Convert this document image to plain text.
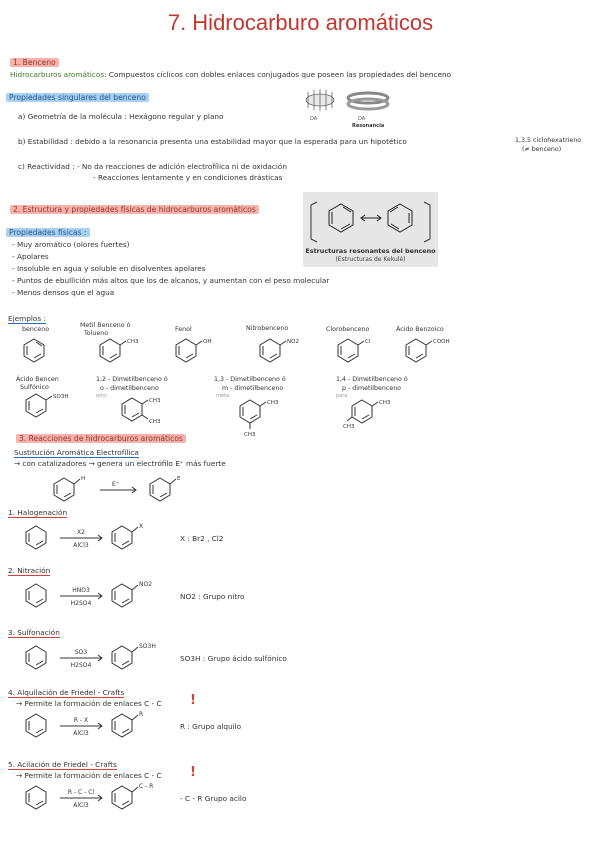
7. Hidrocarburo aromáticos
1. Benceno
Hidrocarburos aromáticos: Compuestos cíclicos con dobles enlaces conjugados que poseen las propiedades del benceno
Propiedades singulares del benceno
a) Geometría de la molécula : Hexágono regular y plano
b) Estabilidad : debido a la resonancia presenta una estabilidad mayor que la esperada para un hipotético	1,3,5 ciclohexatrieno
(≠ benceno)
c) Reactividad : - No da reacciones de adición electrofílica ni de oxidación
- Reacciones lentamente y en condiciones drásticas
DA	DA
Resonancia
2. Estructura y propiedades físicas de hidrocarburos aromáticos
Estructuras resonantes del benceno
(Estructuras de Kekulé)
Propiedades físicas :
- Muy aromático (olores fuertes)
- Apolares
- Insoluble en agua y soluble en disolventes apolares
- Puntos de ebullición más altos que los de alcanos, y aumentan con el peso molecular
- Menos densos que el agua
Ejemplos :
benceno
Metil Benceno ó
Tolueno
CH3
Fenol
OH
Nitrobenceno
NO2
Clorobenceno
Cl
Ácido Benzoico
COOH
Ácido Bencen
Sulfónico
SO3H
1,2 - Dimetilbenceno ó
o - dimetilbenceno
orto
CH3
CH3
1,3 - Dimetilbenceno ó
m - dimetilbenceno
meta
CH3
CH3
1,4 - Dimetilbenceno ó
p - dimetilbenceno
para
CH3
CH3
3. Reacciones de hidrocarburos aromáticos
Sustitución Aromática Electrofílica
→ con catalizadores → genera un electrófilo E⁺ más fuerte
H
E⁺
E
1. Halogenación
X2
AlCl3
X
X : Br2 , Cl2
2. Nitración
HNO3
H2SO4
NO2
NO2 : Grupo nitro
3. Sulfonación
SO3
H2SO4
SO3H
SO3H : Grupo ácido sulfónico
4. Alquilación de Friedel - Crafts
→ Permite la formación de enlaces C - C !
R - X
AlCl3
R
R : Grupo alquilo
5. Acilación de Friedel - Crafts
→ Permite la formación de enlaces C - C !
R - C - Cl
AlCl3
C - R
- C - R Grupo acilo
